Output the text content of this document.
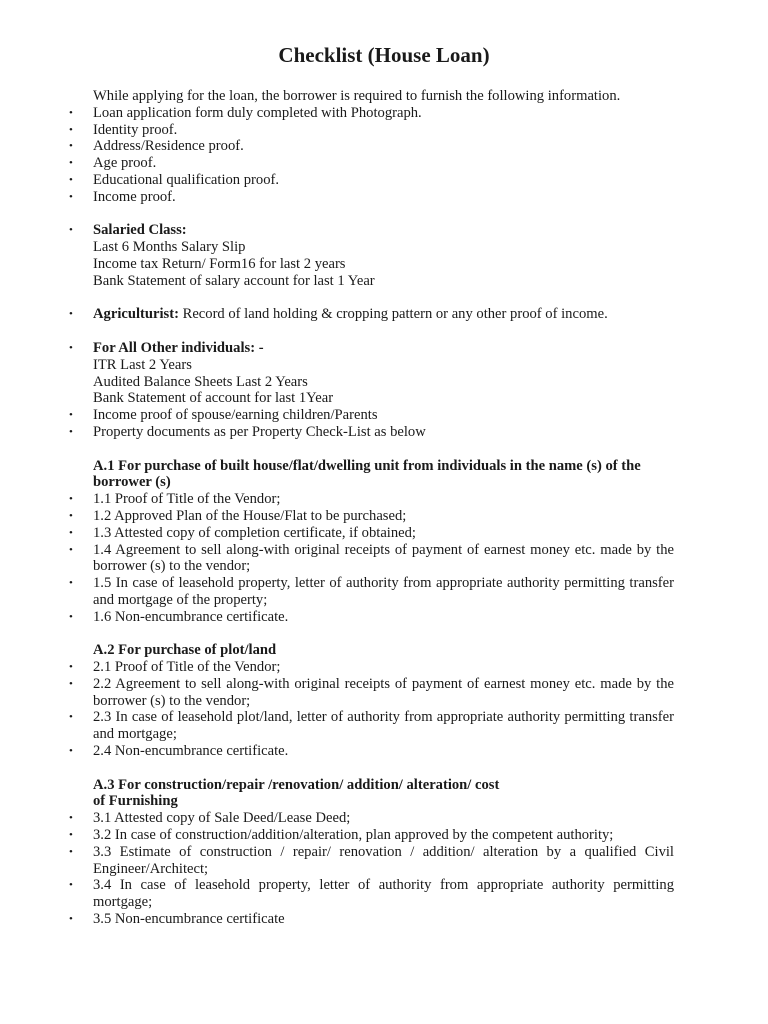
Checklist (House Loan)
While applying for the loan, the borrower is required to furnish the following information.
• Loan application form duly completed with Photograph.
• Identity proof.
• Address/Residence proof.
• Age proof.
• Educational qualification proof.
• Income proof.
• Salaried Class:
Last 6 Months Salary Slip
Income tax Return/ Form16 for last 2 years
Bank Statement of salary account for last 1 Year
• Agriculturist: Record of land holding & cropping pattern or any other proof of income.
• For All Other individuals: -
ITR Last 2 Years
Audited Balance Sheets Last 2 Years
Bank Statement of account for last 1Year
• Income proof of spouse/earning children/Parents
• Property documents as per Property Check-List as below
A.1 For purchase of built house/flat/dwelling unit from individuals in the name (s) of the borrower (s)
• 1.1 Proof of Title of the Vendor;
• 1.2 Approved Plan of the House/Flat to be purchased;
• 1.3 Attested copy of completion certificate, if obtained;
• 1.4 Agreement to sell along-with original receipts of payment of earnest money etc. made by the borrower (s) to the vendor;
• 1.5 In case of leasehold property, letter of authority from appropriate authority permitting transfer and mortgage of the property;
• 1.6 Non-encumbrance certificate.
A.2 For purchase of plot/land
• 2.1 Proof of Title of the Vendor;
• 2.2 Agreement to sell along-with original receipts of payment of earnest money etc. made by the borrower (s) to the vendor;
• 2.3 In case of leasehold plot/land, letter of authority from appropriate authority permitting transfer and mortgage;
• 2.4 Non-encumbrance certificate.
A.3 For construction/repair /renovation/ addition/ alteration/ cost
of Furnishing
• 3.1 Attested copy of Sale Deed/Lease Deed;
• 3.2 In case of construction/addition/alteration, plan approved by the competent authority;
• 3.3 Estimate of construction / repair/ renovation / addition/ alteration by a qualified Civil Engineer/Architect;
• 3.4 In case of leasehold property, letter of authority from appropriate authority permitting mortgage;
• 3.5 Non-encumbrance certificate
